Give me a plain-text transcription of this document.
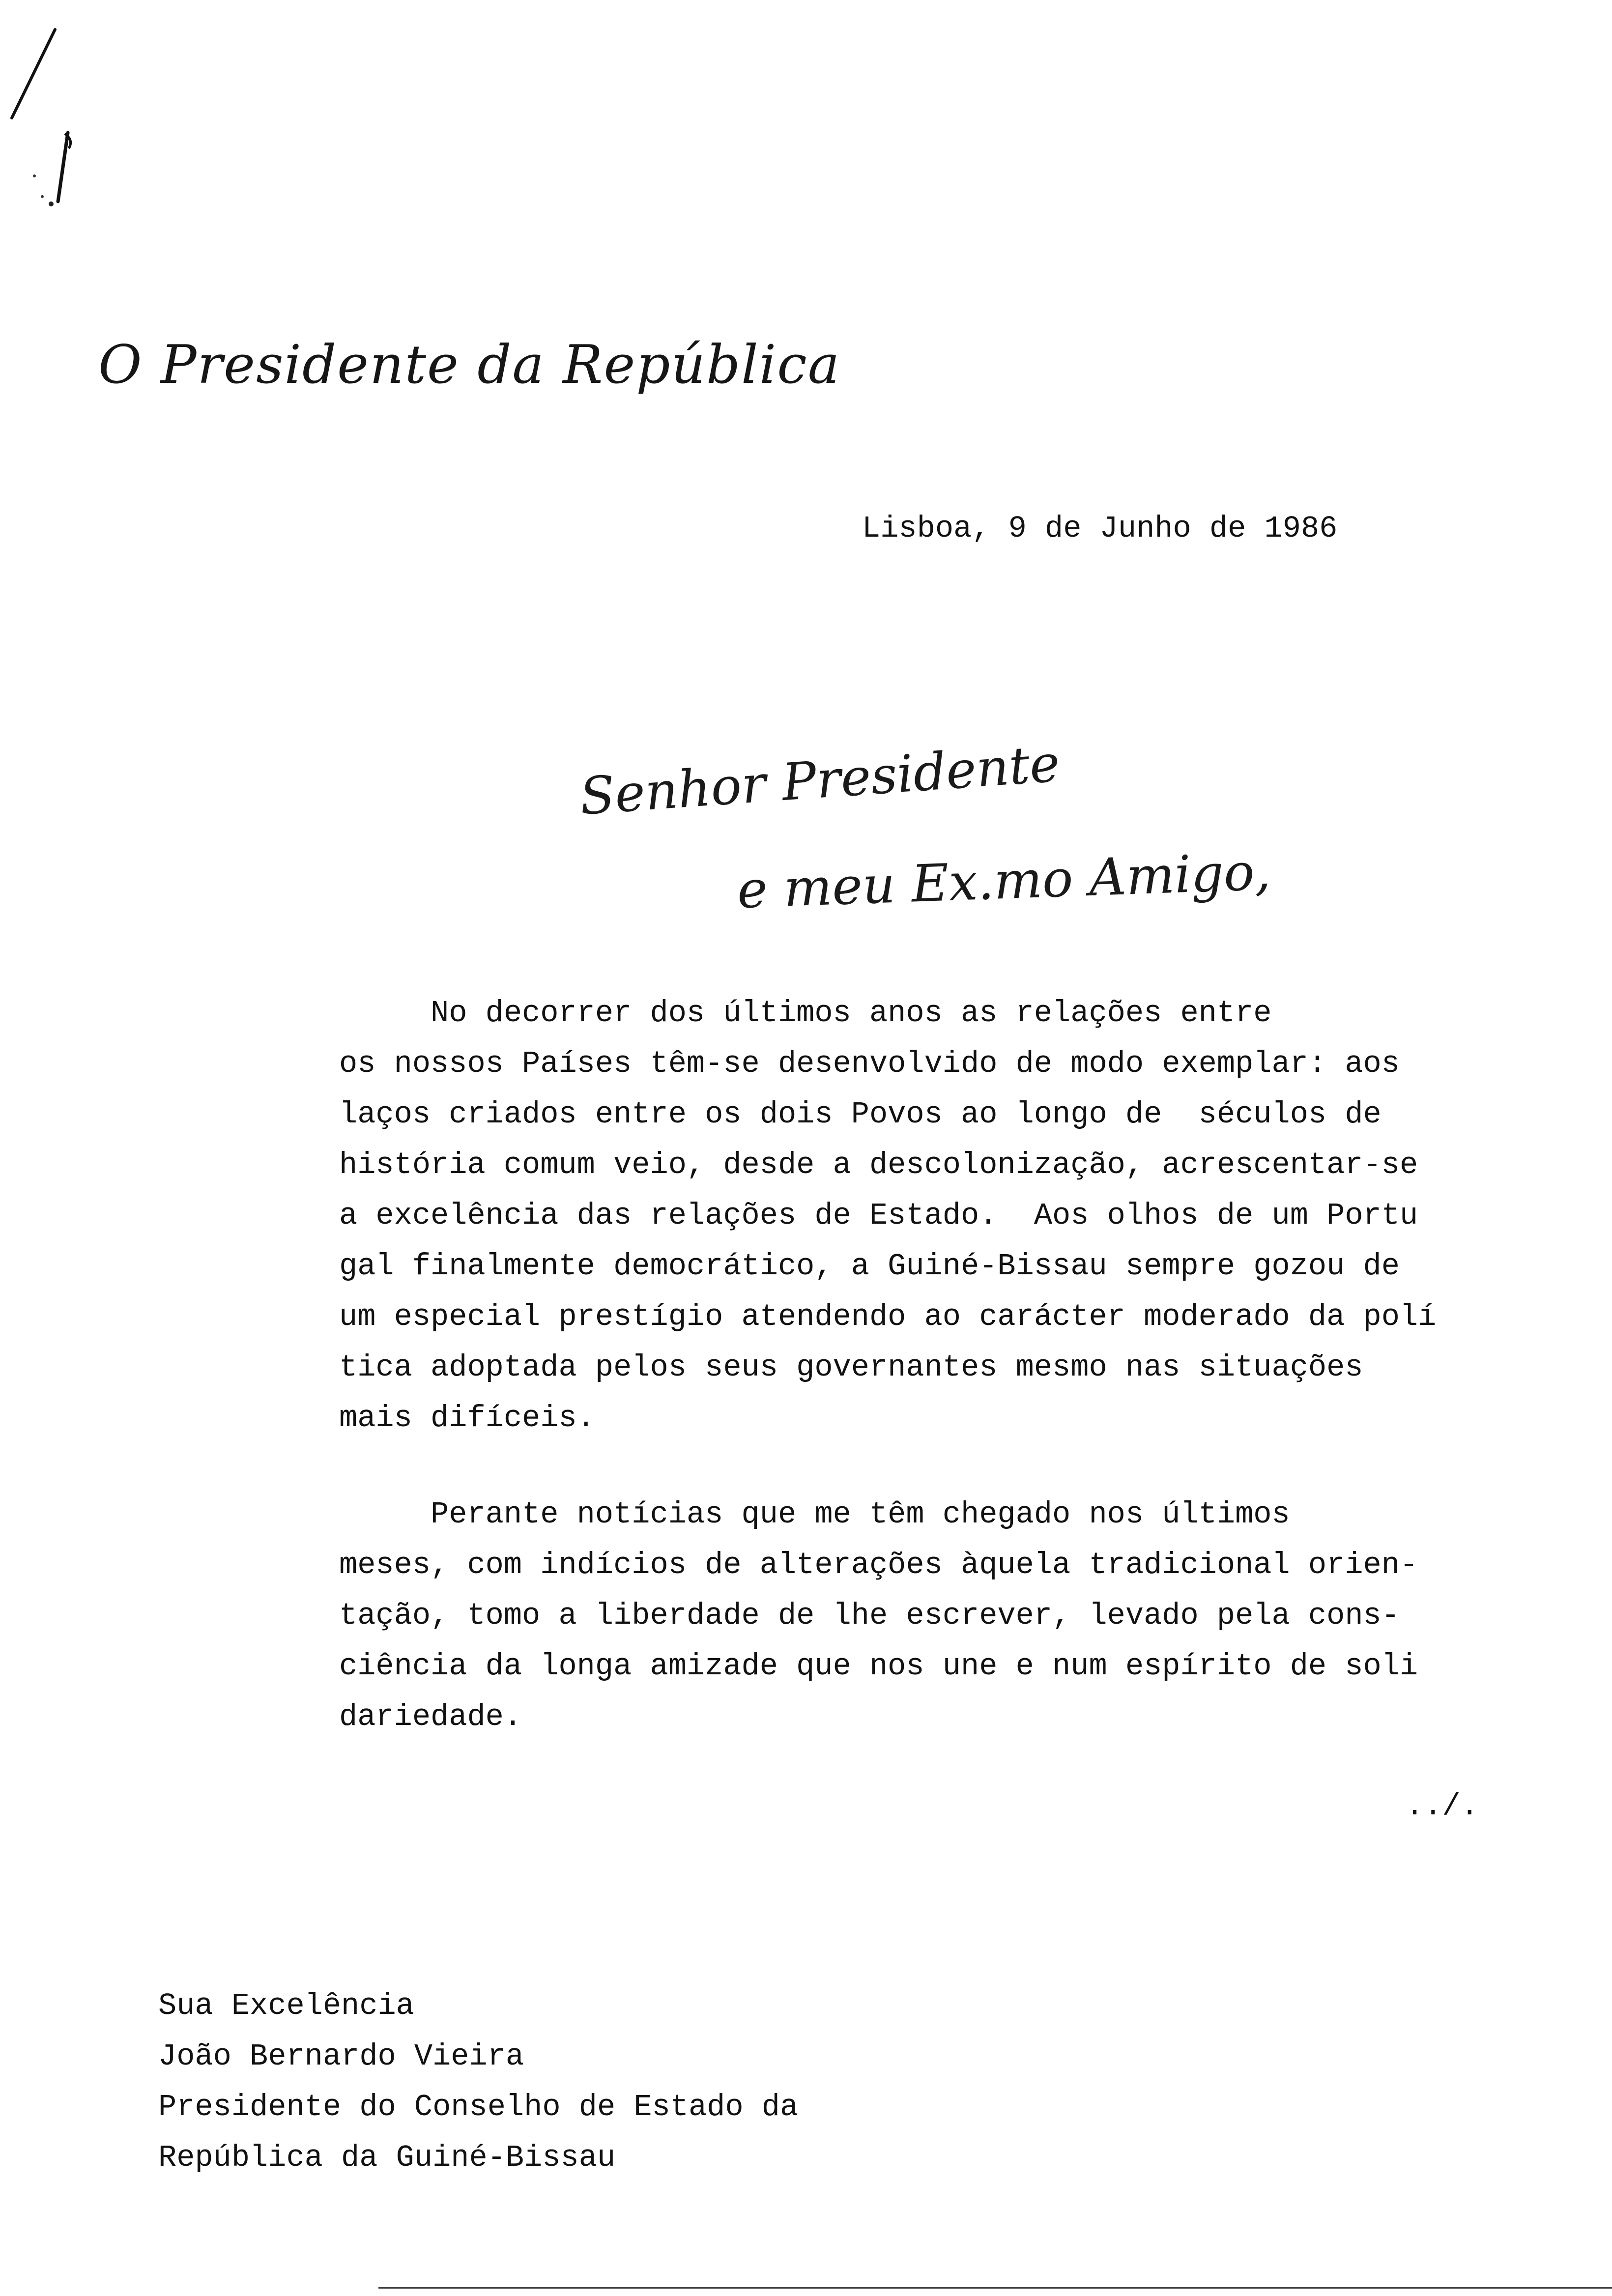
O Presidente da República
Lisboa, 9 de Junho de 1986
Senhor Presidente
e meu Ex.mo Amigo,
No decorrer dos últimos anos as relações entre
os nossos Países têm-se desenvolvido de modo exemplar: aos
laços criados entre os dois Povos ao longo de  séculos de
história comum veio, desde a descolonização, acrescentar-se
a excelência das relações de Estado.  Aos olhos de um Portu
gal finalmente democrático, a Guiné-Bissau sempre gozou de
um especial prestígio atendendo ao carácter moderado da polí
tica adoptada pelos seus governantes mesmo nas situações
mais difíceis.
Perante notícias que me têm chegado nos últimos
meses, com indícios de alterações àquela tradicional orien-
tação, tomo a liberdade de lhe escrever, levado pela cons-
ciência da longa amizade que nos une e num espírito de soli
dariedade.
../.
Sua Excelência
João Bernardo Vieira
Presidente do Conselho de Estado da
República da Guiné-Bissau
